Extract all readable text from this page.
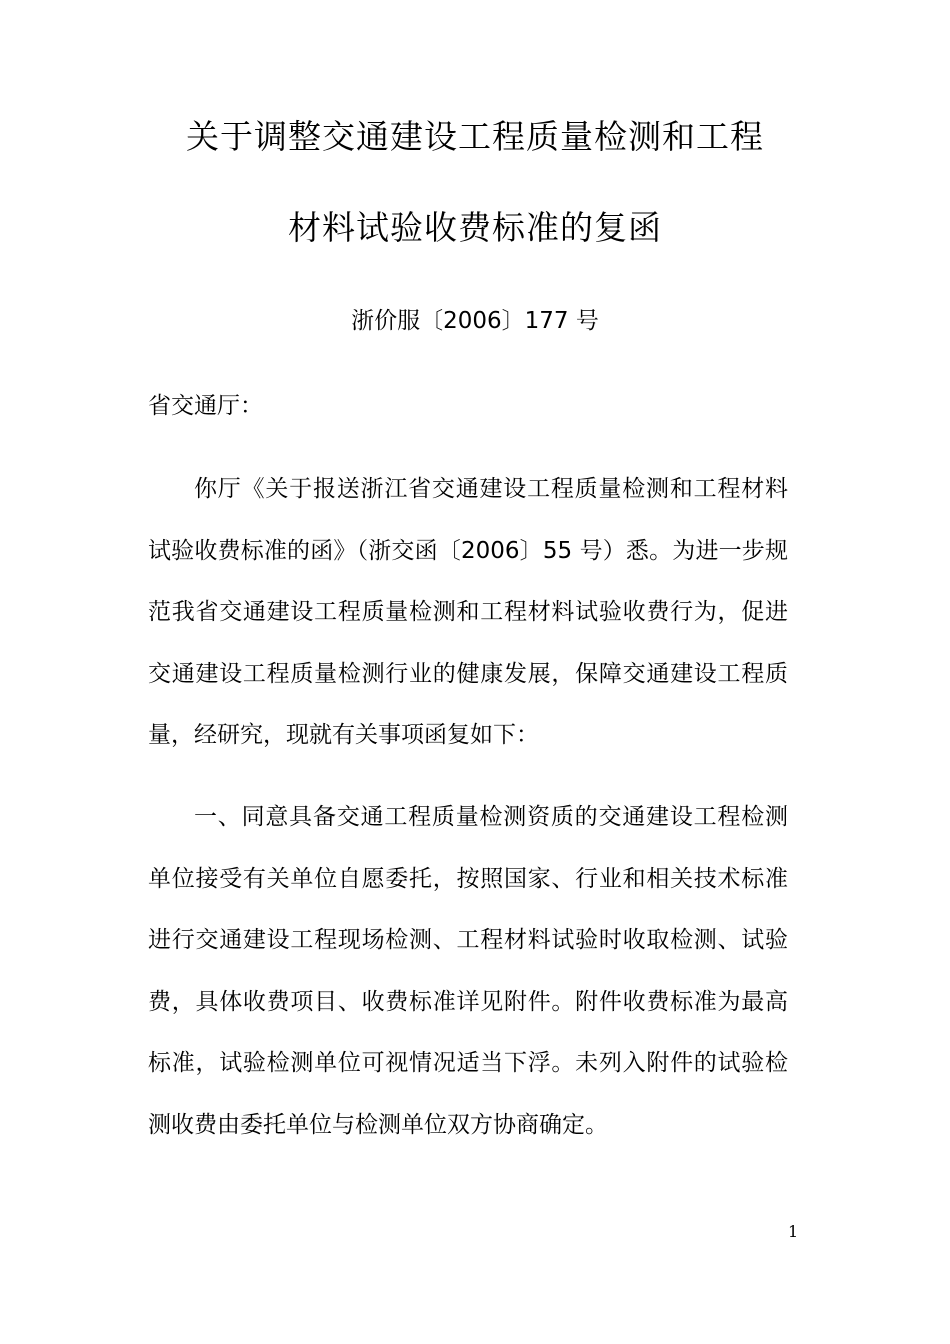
关于调整交通建设工程质量检测和工程
材料试验收费标准的复函
浙价服〔2006〕177 号
省交通厅：

你厅《关于报送浙江省交通建设工程质量检测和工程材料试验收费标准的函》（浙交函〔2006〕55 号）悉。为进一步规范我省交通建设工程质量检测和工程材料试验收费行为，促进交通建设工程质量检测行业的健康发展，保障交通建设工程质量，经研究，现就有关事项函复如下：

一、同意具备交通工程质量检测资质的交通建设工程检测单位接受有关单位自愿委托，按照国家、行业和相关技术标准进行交通建设工程现场检测、工程材料试验时收取检测、试验费，具体收费项目、收费标准详见附件。附件收费标准为最高标准，试验检测单位可视情况适当下浮。未列入附件的试验检测收费由委托单位与检测单位双方协商确定。

1
